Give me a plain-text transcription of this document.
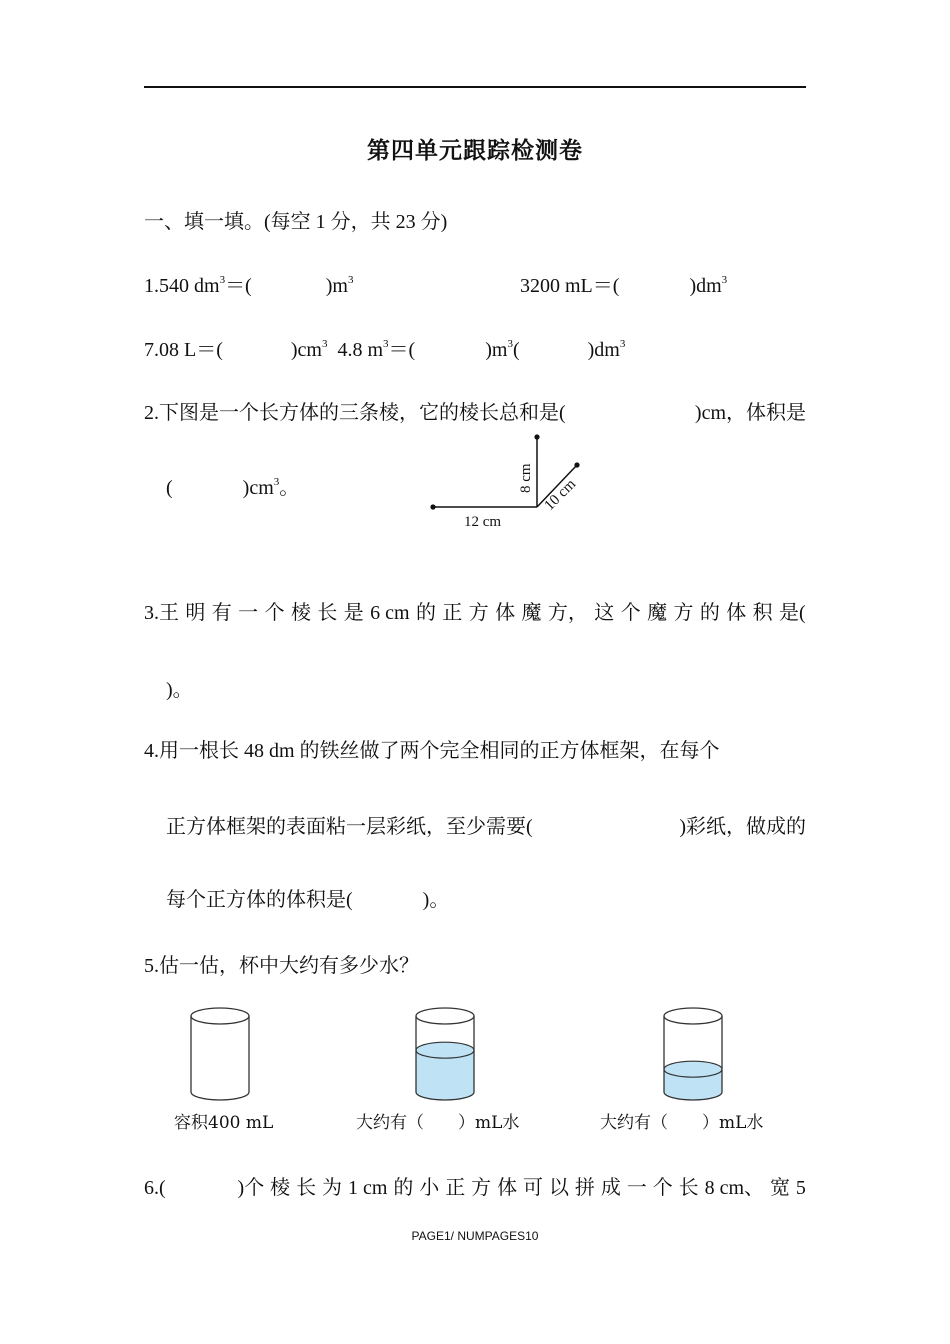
第四单元跟踪检测卷
一、填一填。(每空 1 分，共 23 分)
1.540 $dm^3=$(	)$m^3$	3200 mL＝(	)$dm^3$
7.08 L＝(	)$cm^3$ 4.8 $m^3=$(	)$m^3$(	)$dm^3$
2.下图是一个长方体的三条棱，它的棱长总和是(	)cm，体积是
(	)$cm^3$。
12 cm
8 cm 10 cm
3.王 明 有 一 个 棱 长 是 6 cm 的 正 方 体 魔 方， 这 个 魔 方 的 体 积 是(
)。
4.用一根长 48 dm 的铁丝做了两个完全相同的正方体框架，在每个
正方体框架的表面粘一层彩纸，至少需要(	)彩纸，做成的
每个正方体的体积是(	)。
5.估一估，杯中大约有多少水？
容积400 mL	大约有（　　）mL水	大约有（　　）mL水
6.(
　　　	)个 棱 长 为 1 cm 的 小 正 方 体 可 以 拼 成 一 个 长 8 cm、 宽 5
PAGE1/ NUMPAGES10
